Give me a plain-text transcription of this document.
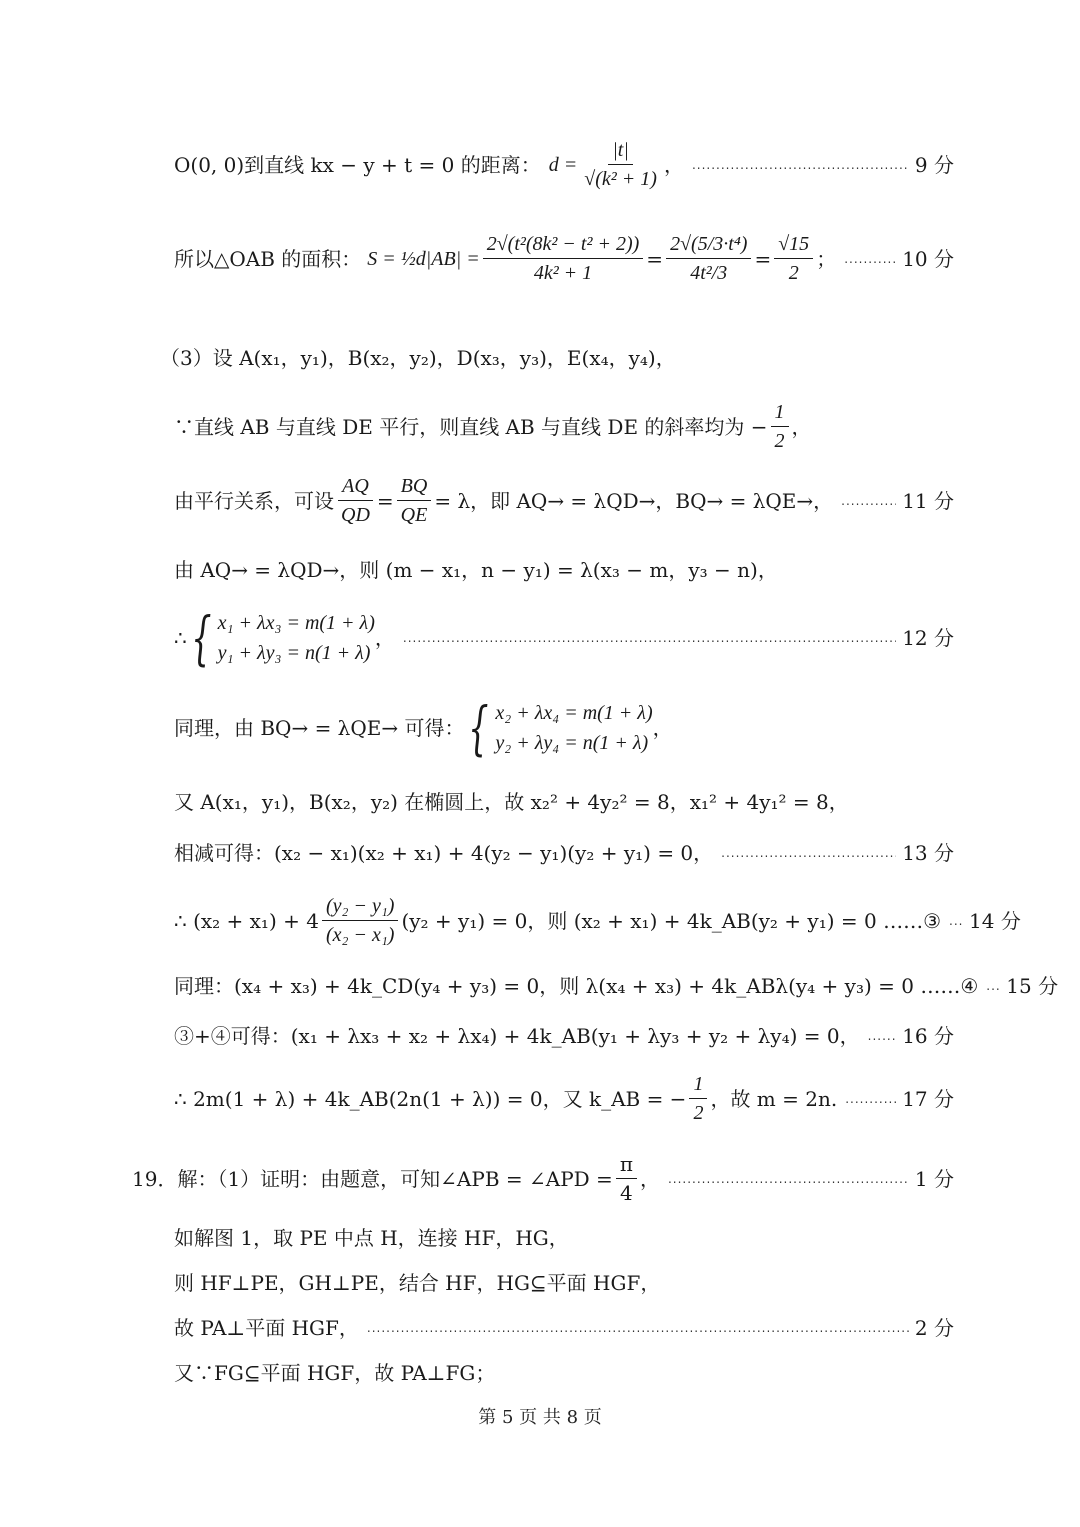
O(0, 0)到直线 kx − y + t = 0 的距离： $d = \frac{|t|}{\text{√(k² + 1)}}$ ， .....	9 分
所以△OAB 的面积： S = ½d|AB| = $\frac{\text{2√(t²(8k² − t² + 2))}}{\text{4k² + 1}} = \frac{\text{2√(5/3·t⁴)}}{\text{4t²/3}} = \frac{√15}{2}$ ； .....	10 分
（3）设 A(x₁，y₁)，B(x₂，y₂)，D(x₃，y₃)，E(x₄，y₄)，
∵直线 AB 与直线 DE 平行，则直线 AB 与直线 DE 的斜率均为 − $\frac{1}{2}$ ，
由平行关系，可设 $\frac{AQ}{QD} = \frac{BQ}{QE} = \lambda$，即 AQ→ = λQD→，BQ→ = λQE→， .....	11 分
由 AQ→ = λQD→，则 (m − x₁，n − y₁) = λ(x₃ − m，y₃ − n)，
∴ { x₁ + λx₃ = m(1 + λ)
y₁ + λy₃ = n(1 + λ)
， .....	12 分
同理，由 BQ→ = λQE→ 可得： { x₂ + λx₄ = m(1 + λ)
y₂ + λy₄ = n(1 + λ)
，
又 A(x₁，y₁)，B(x₂，y₂) 在椭圆上，故 x₂² + 4y₂² = 8，x₁² + 4y₁² = 8，
相减可得：(x₂ − x₁)(x₂ + x₁) + 4(y₂ − y₁)(y₂ + y₁) = 0， .....	13 分
∴ $(x_2 + x_1) + 4 \frac{\text{(y₂ − y₁)}}{\text{(x₂ − x₁)}} (y_2 + y_1) = 0$，则 (x₂ + x₁) + 4k_AB(y₂ + y₁) = 0 ……③ ..... 14 分
同理：(x₄ + x₃) + 4k_CD(y₄ + y₃) = 0，则 λ(x₄ + x₃) + 4k_ABλ(y₄ + y₃) = 0 ……④ ..... 15 分
③+④可得：(x₁ + λx₃ + x₂ + λx₄) + 4k_AB(y₁ + λy₃ + y₂ + λy₄) = 0， ..... 16 分
∴ 2m(1 + λ) + 4k_AB(2n(1 + λ)) = 0，又 k_AB = − $\frac{1}{2}$ ，故 m = 2n. .....	17 分
19．解：（1）证明：由题意，可知∠APB = ∠APD = $\frac{\pi}{4}$ ， .....	1 分
如解图 1，取 PE 中点 H，连接 HF，HG，
则 HF⊥PE，GH⊥PE，结合 HF，HG⊆平面 HGF，
故 PA⊥平面 HGF， .....	2 分
又∵FG⊆平面 HGF，故 PA⊥FG；
第 5 页 共 8 页
